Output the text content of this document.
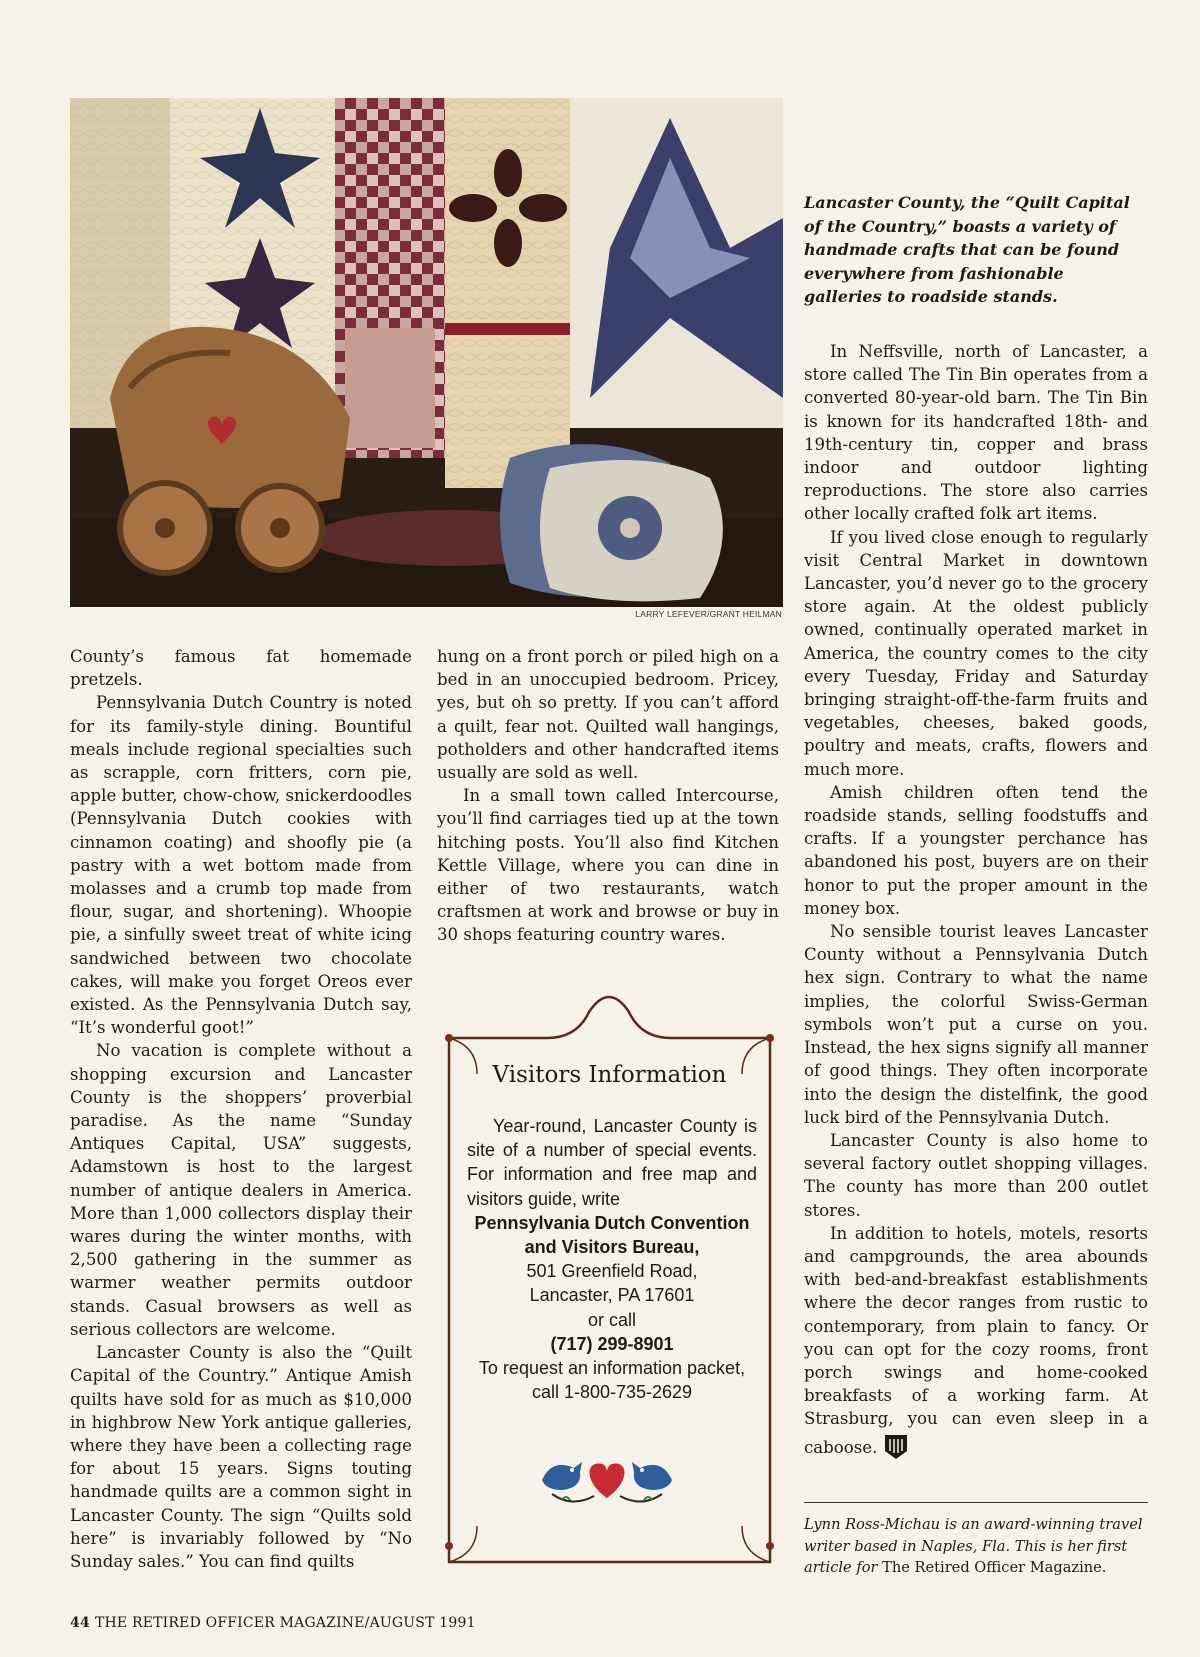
LARRY LEFEVER/GRANT HEILMAN
Lancaster County, the “Quilt Capital of the Country,” boasts a variety of handmade crafts that can be found everywhere from fashionable galleries to roadside stands.

County’s famous fat homemade pretzels.

Pennsylvania Dutch Country is noted for its family-style dining. Bountiful meals include regional specialties such as scrapple, corn fritters, corn pie, apple butter, chow-chow, snickerdoodles (Pennsylvania Dutch cookies with cinnamon coating) and shoofly pie (a pastry with a wet bottom made from molasses and a crumb top made from flour, sugar, and shortening). Whoopie pie, a sinfully sweet treat of white icing sandwiched between two chocolate cakes, will make you forget Oreos ever existed. As the Pennsylvania Dutch say, “It’s wonderful goot!”

No vacation is complete without a shopping excursion and Lancaster County is the shoppers’ proverbial paradise. As the name “Sunday Antiques Capital, USA” suggests, Adamstown is host to the largest number of antique dealers in America. More than 1,000 collectors display their wares during the winter months, with 2,500 gathering in the summer as warmer weather permits outdoor stands. Casual browsers as well as serious collectors are welcome.

Lancaster County is also the “Quilt Capital of the Country.” Antique Amish quilts have sold for as much as $10,000 in highbrow New York antique galleries, where they have been a collecting rage for about 15 years. Signs touting handmade quilts are a common sight in Lancaster County. The sign “Quilts sold here” is invariably followed by “No Sunday sales.” You can find quilts

hung on a front porch or piled high on a bed in an unoccupied bedroom. Pricey, yes, but oh so pretty. If you can’t afford a quilt, fear not. Quilted wall hangings, potholders and other handcrafted items usually are sold as well.

In a small town called Intercourse, you’ll find carriages tied up at the town hitching posts. You’ll also find Kitchen Kettle Village, where you can dine in either of two restaurants, watch craftsmen at work and browse or buy in 30 shops featuring country wares.

Visitors Information

Year-round, Lancaster County is site of a number of special events. For information and free map and visitors guide, write

Pennsylvania Dutch Convention and Visitors Bureau,

501 Greenfield Road,

Lancaster, PA 17601

or call

(717) 299-8901

To request an information packet, call 1-800-735-2629

In Neffsville, north of Lancaster, a store called The Tin Bin operates from a converted 80-year-old barn. The Tin Bin is known for its handcrafted 18th- and 19th-century tin, copper and brass indoor and outdoor lighting reproductions. The store also carries other locally crafted folk art items.

If you lived close enough to regularly visit Central Market in downtown Lancaster, you’d never go to the grocery store again. At the oldest publicly owned, continually operated market in America, the country comes to the city every Tuesday, Friday and Saturday bringing straight-off-the-farm fruits and vegetables, cheeses, baked goods, poultry and meats, crafts, flowers and much more.

Amish children often tend the roadside stands, selling foodstuffs and crafts. If a youngster perchance has abandoned his post, buyers are on their honor to put the proper amount in the money box.

No sensible tourist leaves Lancaster County without a Pennsylvania Dutch hex sign. Contrary to what the name implies, the colorful Swiss-German symbols won’t put a curse on you. Instead, the hex signs signify all manner of good things. They often incorporate into the design the distelfink, the good luck bird of the Pennsylvania Dutch.

Lancaster County is also home to several factory outlet shopping villages. The county has more than 200 outlet stores.

In addition to hotels, motels, resorts and campgrounds, the area abounds with bed-and-breakfast establishments where the decor ranges from rustic to contemporary, from plain to fancy. Or you can opt for the cozy rooms, front porch swings and home-cooked breakfasts of a working farm. At Strasburg, you can even sleep in a caboose.

Lynn Ross-Michau is an award-winning travel writer based in Naples, Fla. This is her first article for The Retired Officer Magazine.
44 THE RETIRED OFFICER MAGAZINE/AUGUST 1991
